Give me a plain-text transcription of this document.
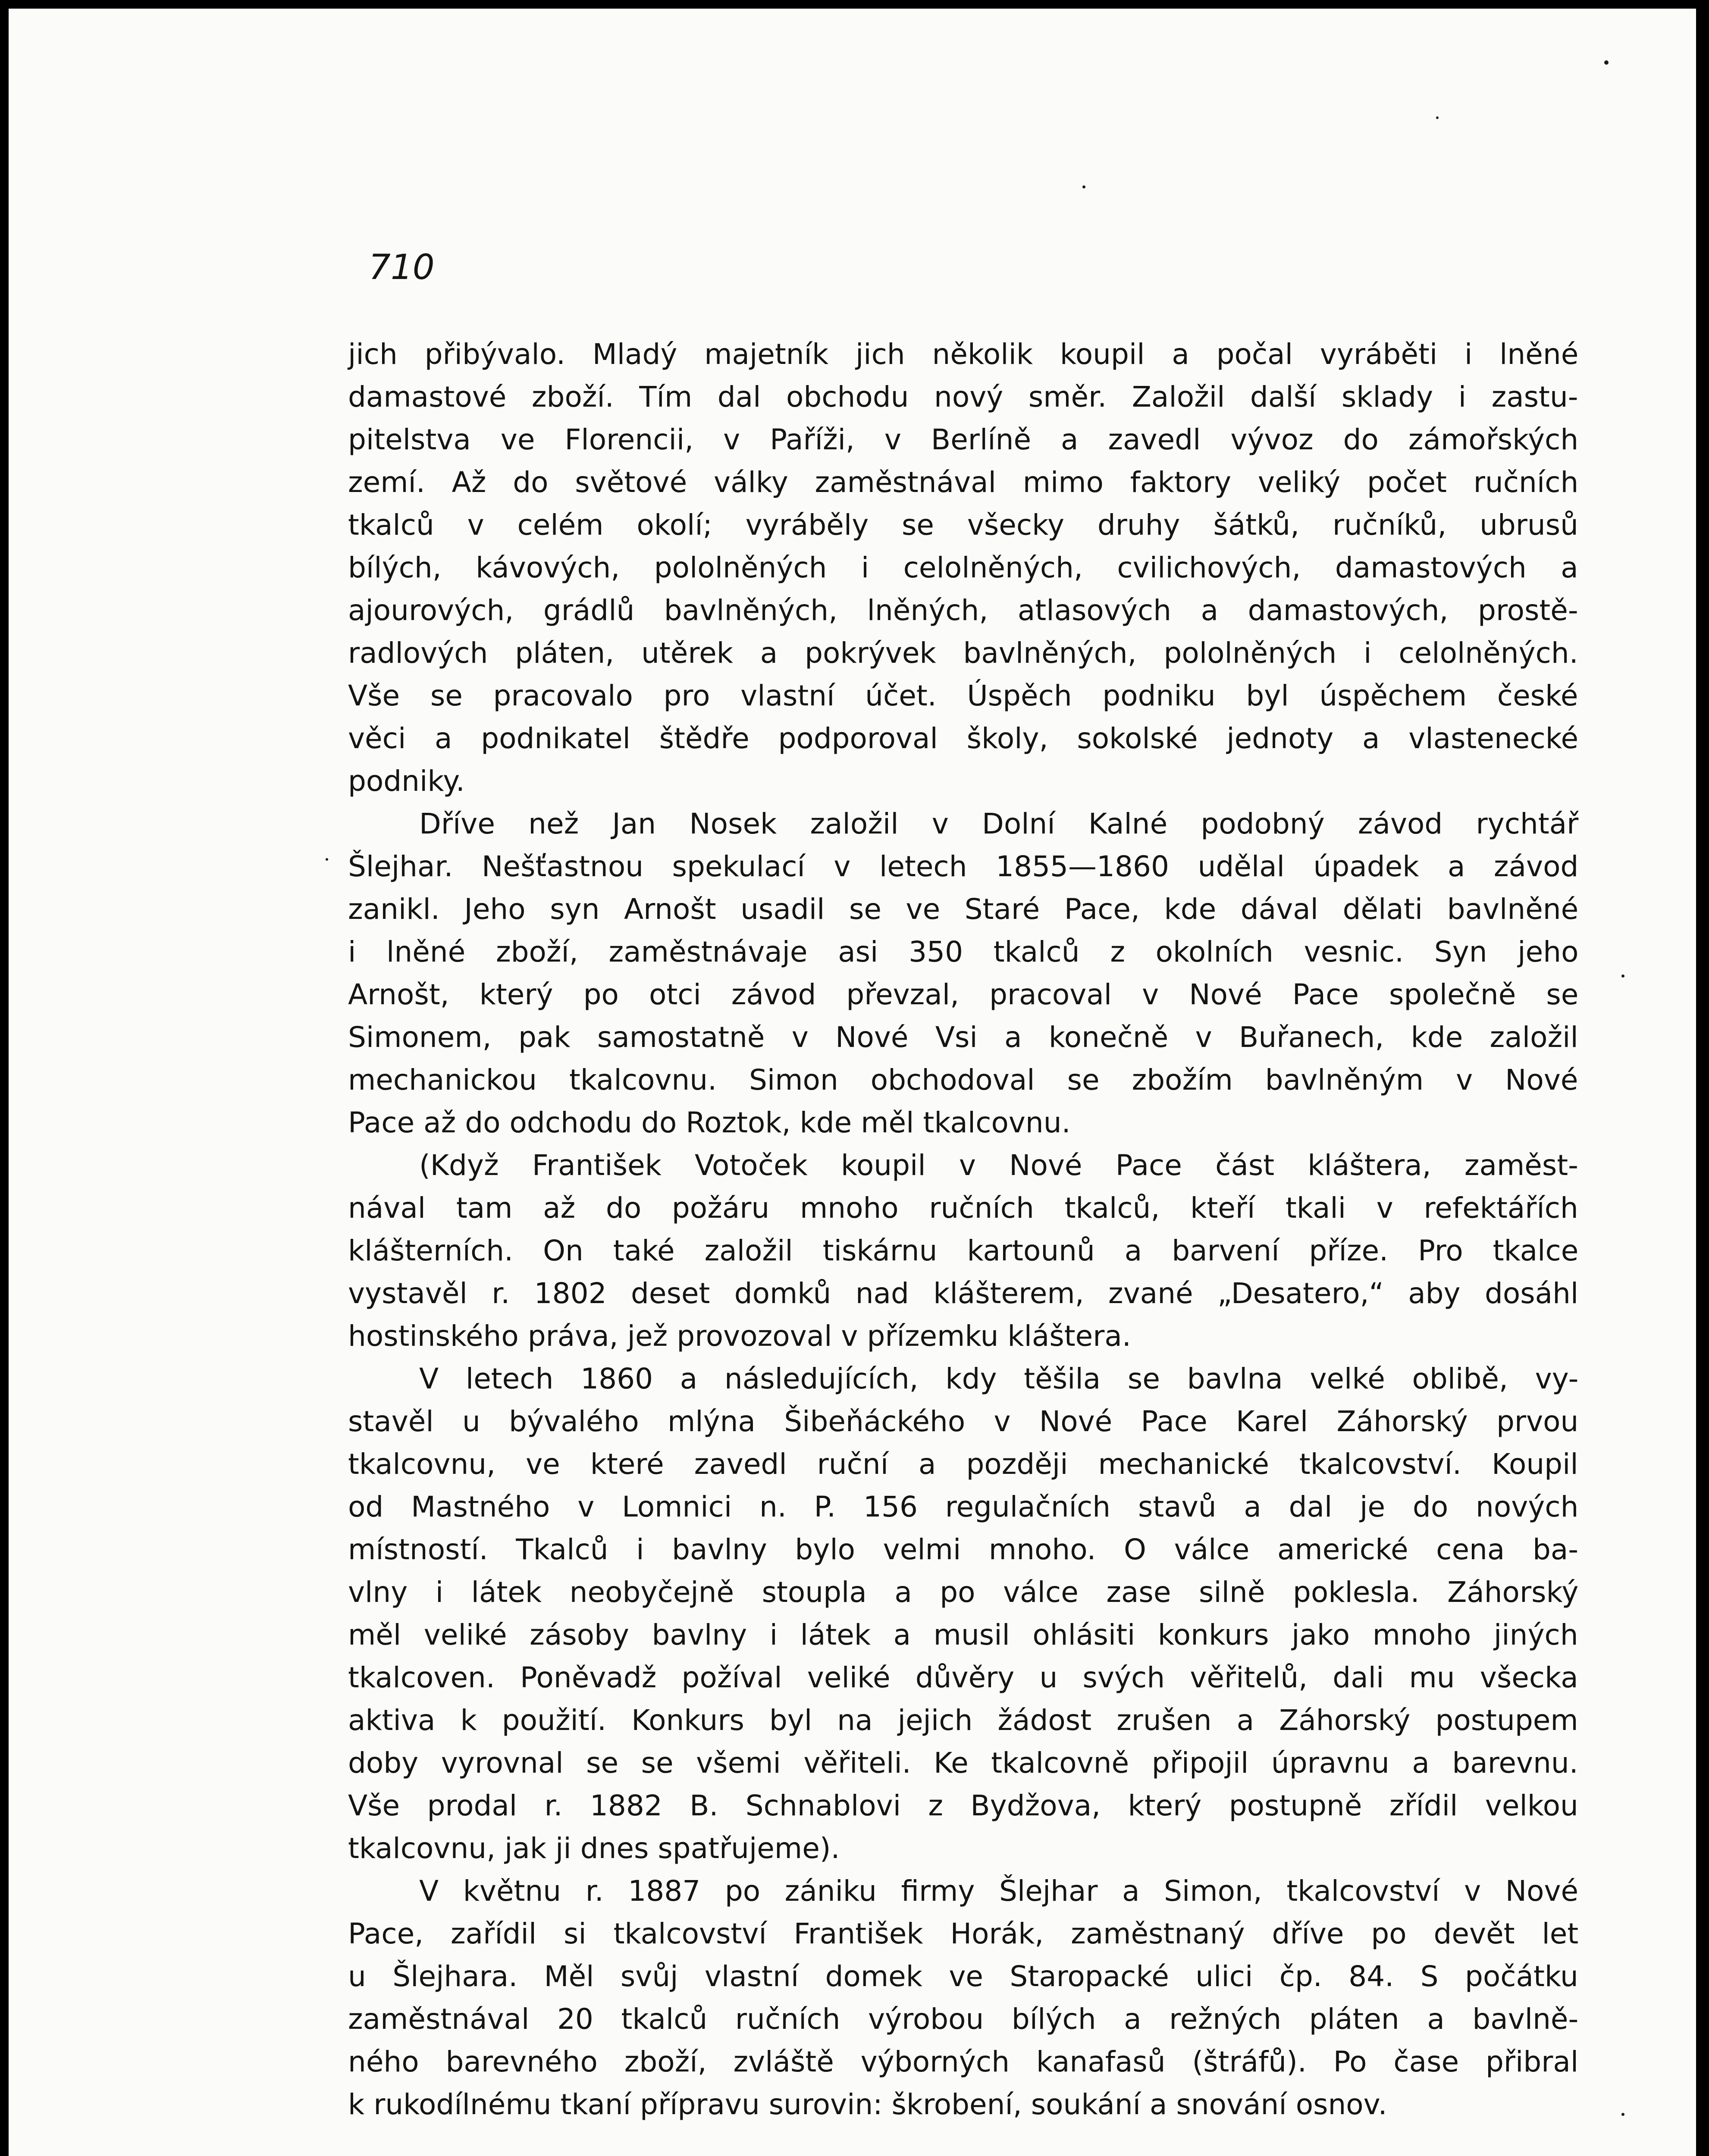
710

jich přibývalo. Mladý majetník jich několik koupil a počal vyráběti i lněné
damastové zboží. Tím dal obchodu nový směr. Založil další sklady i zastu-
pitelstva ve Florencii, v Paříži, v Berlíně a zavedl vývoz do zámořských
zemí. Až do světové války zaměstnával mimo faktory veliký počet ručních
tkalců v celém okolí; vyráběly se všecky druhy šátků, ručníků, ubrusů
bílých, kávových, pololněných i celolněných, cvilichových, damastových a
ajourových, grádlů bavlněných, lněných, atlasových a damastových, prostě-
radlových pláten, utěrek a pokrývek bavlněných, pololněných i celolněných.
Vše se pracovalo pro vlastní účet. Úspěch podniku byl úspěchem české
věci a podnikatel štědře podporoval školy, sokolské jednoty a vlastenecké
podniky.

Dříve než Jan Nosek založil v Dolní Kalné podobný závod rychtář
Šlejhar. Nešťastnou spekulací v letech 1855—1860 udělal úpadek a závod
zanikl. Jeho syn Arnošt usadil se ve Staré Pace, kde dával dělati bavlněné
i lněné zboží, zaměstnávaje asi 350 tkalců z okolních vesnic. Syn jeho
Arnošt, který po otci závod převzal, pracoval v Nové Pace společně se
Simonem, pak samostatně v Nové Vsi a konečně v Buřanech, kde založil
mechanickou tkalcovnu. Simon obchodoval se zbožím bavlněným v Nové
Pace až do odchodu do Roztok, kde měl tkalcovnu.

(Když František Votoček koupil v Nové Pace část kláštera, zaměst-
nával tam až do požáru mnoho ručních tkalců, kteří tkali v refektářích
klášterních. On také založil tiskárnu kartounů a barvení příze. Pro tkalce
vystavěl r. 1802 deset domků nad klášterem, zvané „Desatero,“ aby dosáhl
hostinského práva, jež provozoval v přízemku kláštera.

V letech 1860 a následujících, kdy těšila se bavlna velké oblibě, vy-
stavěl u bývalého mlýna Šibeňáckého v Nové Pace Karel Záhorský prvou
tkalcovnu, ve které zavedl ruční a později mechanické tkalcovství. Koupil
od Mastného v Lomnici n. P. 156 regulačních stavů a dal je do nových
místností. Tkalců i bavlny bylo velmi mnoho. O válce americké cena ba-
vlny i látek neobyčejně stoupla a po válce zase silně poklesla. Záhorský
měl veliké zásoby bavlny i látek a musil ohlásiti konkurs jako mnoho jiných
tkalcoven. Poněvadž požíval veliké důvěry u svých věřitelů, dali mu všecka
aktiva k použití. Konkurs byl na jejich žádost zrušen a Záhorský postupem
doby vyrovnal se se všemi věřiteli. Ke tkalcovně připojil úpravnu a barevnu.
Vše prodal r. 1882 B. Schnablovi z Bydžova, který postupně zřídil velkou
tkalcovnu, jak ji dnes spatřujeme).

V květnu r. 1887 po zániku firmy Šlejhar a Simon, tkalcovství v Nové
Pace, zařídil si tkalcovství František Horák, zaměstnaný dříve po devět let
u Šlejhara. Měl svůj vlastní domek ve Staropacké ulici čp. 84. S počátku
zaměstnával 20 tkalců ručních výrobou bílých a režných pláten a bavlně-
ného barevného zboží, zvláště výborných kanafasů (štráfů). Po čase přibral
k rukodílnému tkaní přípravu surovin: škrobení, soukání a snování osnov.
